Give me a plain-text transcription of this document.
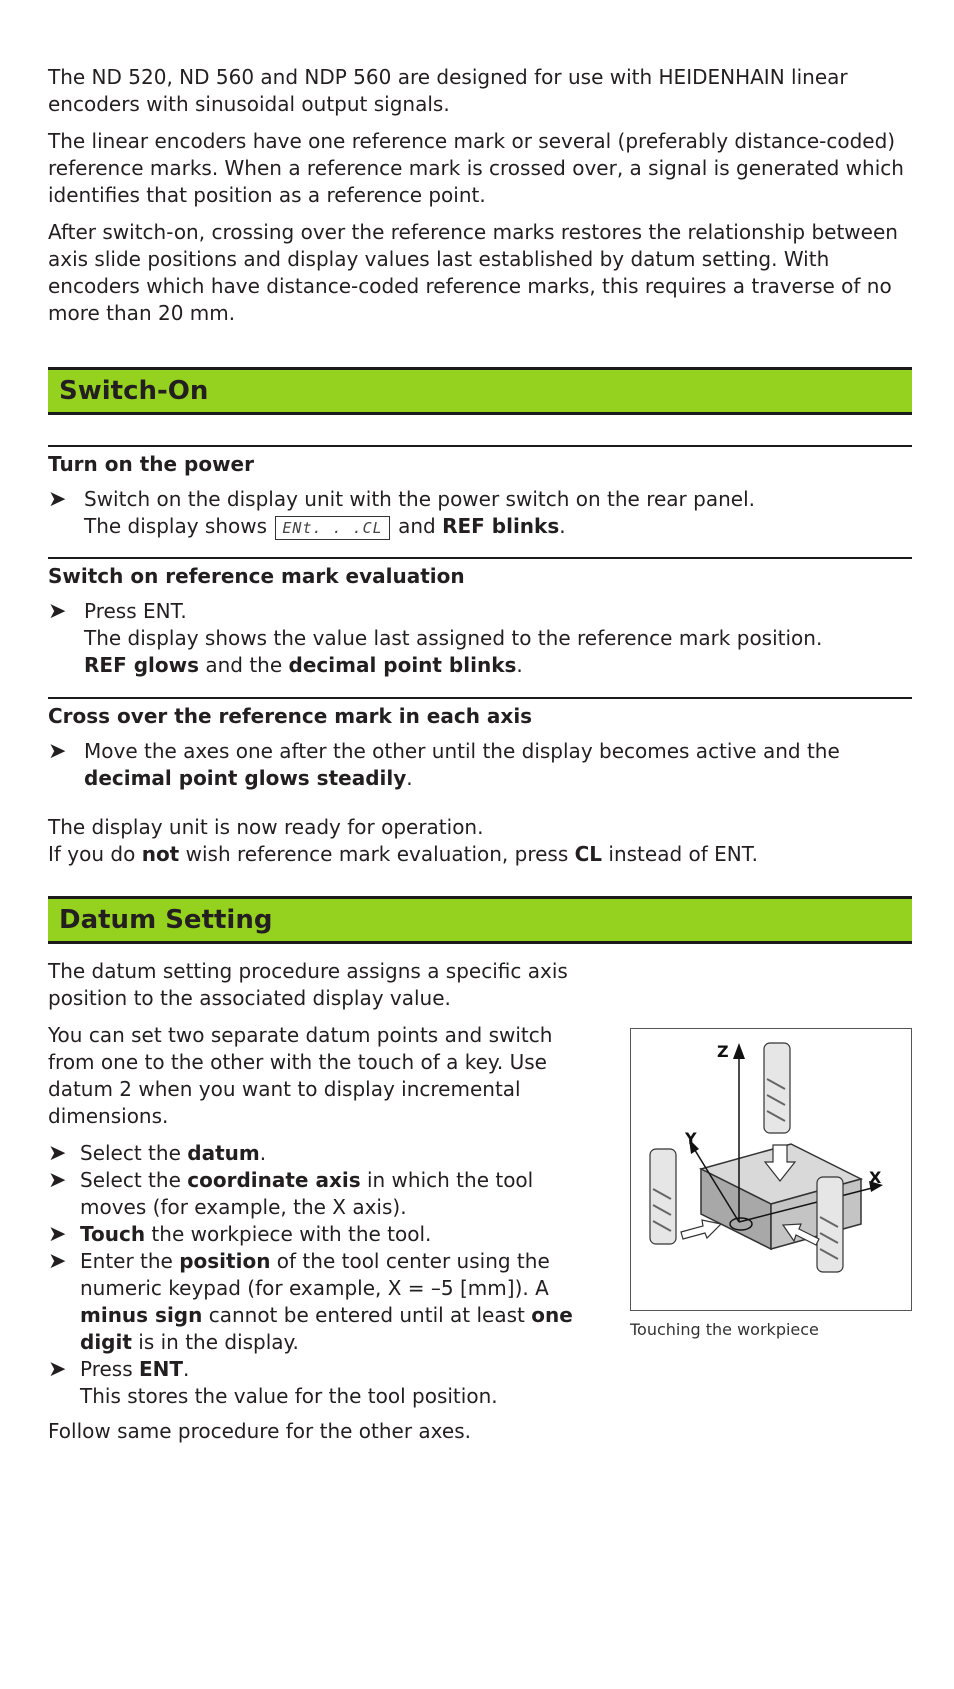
The ND 520, ND 560 and NDP 560 are designed for use with HEIDENHAIN linear encoders with sinusoidal output signals.

The linear encoders have one reference mark or several (preferably distance-coded) reference marks. When a reference mark is crossed over, a signal is generated which identifies that position as a reference point.

After switch-on, crossing over the reference marks restores the relationship between axis slide positions and display values last established by datum setting. With encoders which have distance-coded reference marks, this requires a traverse of no more than 20 mm.

Switch-On
Turn on the power
➤ Switch on the display unit with the power switch on the rear panel.
The display shows ENt. . .CL and REF blinks.
Switch on reference mark evaluation
➤ Press ENT.
The display shows the value last assigned to the reference mark position.
REF glows and the decimal point blinks.
Cross over the reference mark in each axis
➤ Move the axes one after the other until the display becomes active and the
decimal point glows steadily.

The display unit is now ready for operation.

If you do not wish reference mark evaluation, press CL instead of ENT.

Datum Setting

The datum setting procedure assigns a specific axis position to the associated display value.

You can set two separate datum points and switch from one to the other with the touch of a key. Use datum 2 when you want to display incremental dimensions.

➤ Select the datum.
➤ Select the coordinate axis in which the tool moves (for example, the X axis).
➤ Touch the workpiece with the tool.
➤ Enter the position of the tool center using the numeric keypad (for example, X = –5 [mm]). A minus sign cannot be entered until at least one digit is in the display.
➤ Press ENT.
This stores the value for the tool position.

Follow same procedure for the other axes.

Z
Y
X
Touching the workpiece
